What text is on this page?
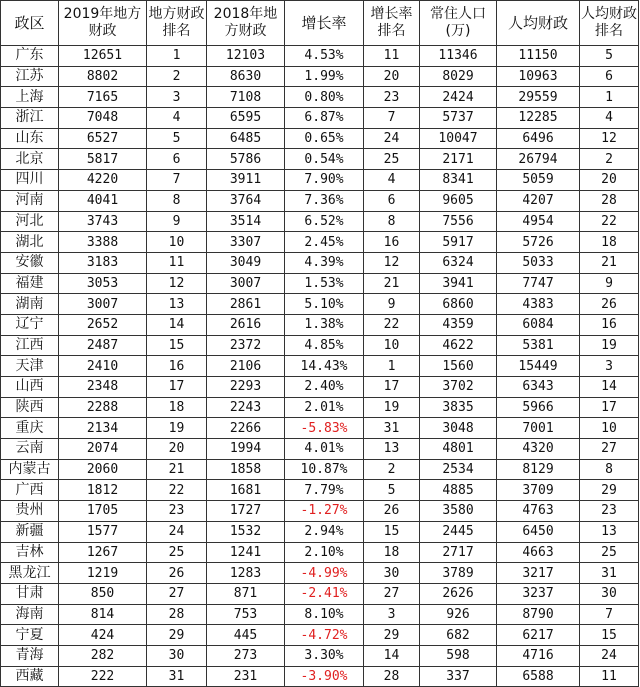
政区	2019年地方财政	地方财政排名	2018年地方财政	增长率	增长率排名	常住人口(万)	人均财政	人均财政排名
广东	12651	1	12103	4.53%	11	11346	11150	5
江苏	8802	2	8630	1.99%	20	8029	10963	6
上海	7165	3	7108	0.80%	23	2424	29559	1
浙江	7048	4	6595	6.87%	7	5737	12285	4
山东	6527	5	6485	0.65%	24	10047	6496	12
北京	5817	6	5786	0.54%	25	2171	26794	2
四川	4220	7	3911	7.90%	4	8341	5059	20
河南	4041	8	3764	7.36%	6	9605	4207	28
河北	3743	9	3514	6.52%	8	7556	4954	22
湖北	3388	10	3307	2.45%	16	5917	5726	18
安徽	3183	11	3049	4.39%	12	6324	5033	21
福建	3053	12	3007	1.53%	21	3941	7747	9
湖南	3007	13	2861	5.10%	9	6860	4383	26
辽宁	2652	14	2616	1.38%	22	4359	6084	16
江西	2487	15	2372	4.85%	10	4622	5381	19
天津	2410	16	2106	14.43%	1	1560	15449	3
山西	2348	17	2293	2.40%	17	3702	6343	14
陕西	2288	18	2243	2.01%	19	3835	5966	17
重庆	2134	19	2266	-5.83%	31	3048	7001	10
云南	2074	20	1994	4.01%	13	4801	4320	27
内蒙古	2060	21	1858	10.87%	2	2534	8129	8
广西	1812	22	1681	7.79%	5	4885	3709	29
贵州	1705	23	1727	-1.27%	26	3580	4763	23
新疆	1577	24	1532	2.94%	15	2445	6450	13
吉林	1267	25	1241	2.10%	18	2717	4663	25
黑龙江	1219	26	1283	-4.99%	30	3789	3217	31
甘肃	850	27	871	-2.41%	27	2626	3237	30
海南	814	28	753	8.10%	3	926	8790	7
宁夏	424	29	445	-4.72%	29	682	6217	15
青海	282	30	273	3.30%	14	598	4716	24
西藏	222	31	231	-3.90%	28	337	6588	11
